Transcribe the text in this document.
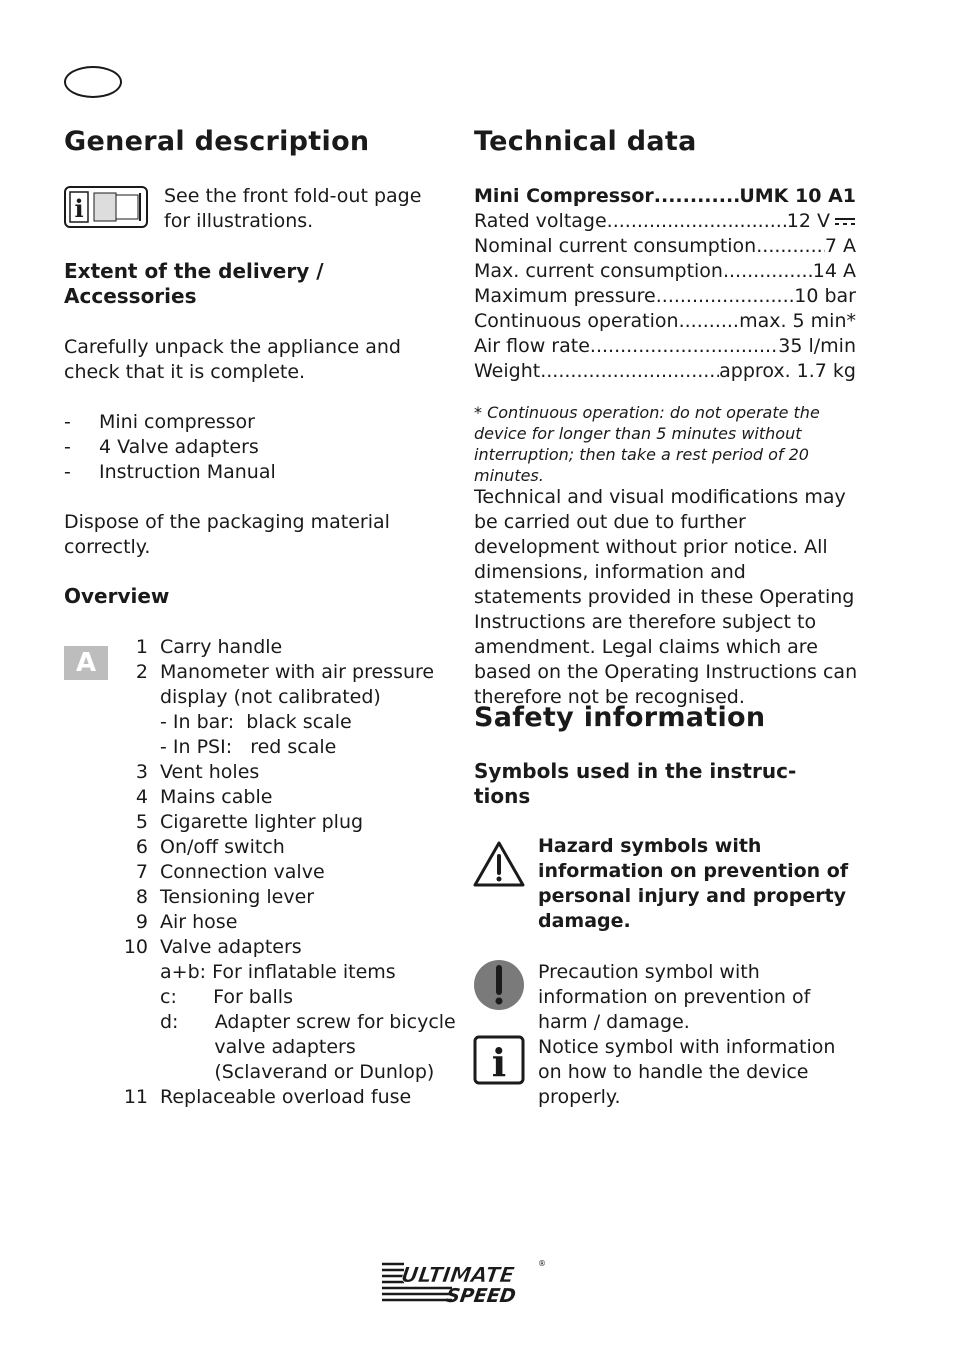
General description
i	See the front fold-out page for illustrations.
Extent of the delivery /
Accessories
Carefully unpack the appliance and check that it is complete.
-	Mini compressor
-	4 Valve adapters
-	Instruction Manual
Dispose of the packaging material correctly.
Overview
A
1 Carry handle
2 Manometer with air pressure
display (not calibrated)
- In bar:  black scale
- In PSI:   red scale
3 Vent holes
4 Mains cable
5 Cigarette lighter plug
6 On/off switch
7 Connection valve
8 Tensioning lever
9 Air hose
10 Valve adapters
a+b: For inflatable items
c:      For balls
d:      Adapter screw for bicycle
valve adapters
(Sclaverand or Dunlop)
11 Replaceable overload fuse
Technical data
Mini Compressor .....	UMK 10 A1
Rated voltage .....	12 V
Nominal current consumption .....	7 A
Max. current consumption .....	14 A
Maximum pressure .....	10 bar
Continuous operation .....	max. 5 min*
Air flow rate .....	35 l/min
Weight .....	approx. 1.7 kg
* Continuous operation: do not operate the device for longer than 5 minutes without interruption; then take a rest period of 20 minutes.
Technical and visual modifications may be carried out due to further development without prior notice. All dimensions, information and statements provided in these Operating Instructions are therefore subject to amendment. Legal claims which are based on the Operating Instructions can therefore not be recognised.
Safety information
Symbols used in the instruc-
tions
Hazard symbols with information on prevention of personal injury and property damage.
Precaution symbol with information on prevention of harm / damage.
i Notice symbol with information on how to handle the device properly.
ULTIMATE
SPEED
®
